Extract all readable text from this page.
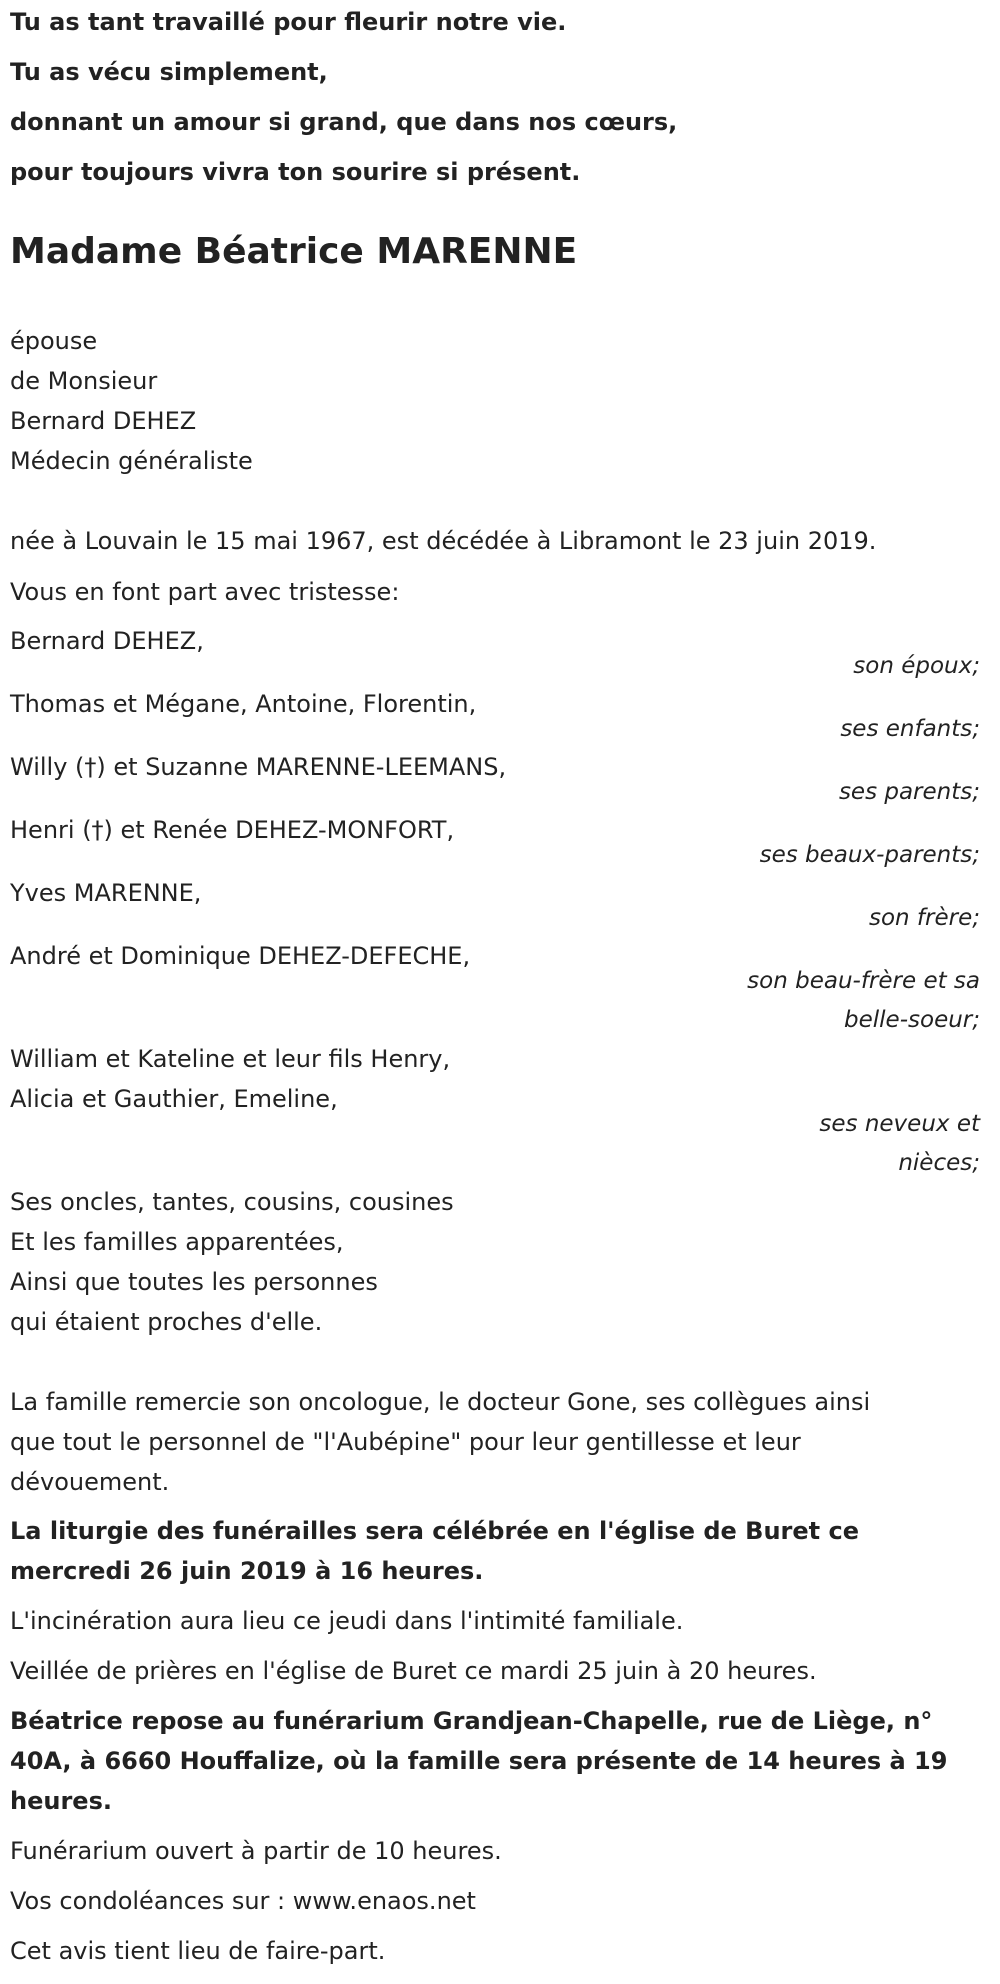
Tu as tant travaillé pour fleurir notre vie.
Tu as vécu simplement,
donnant un amour si grand, que dans nos cœurs,
pour toujours vivra ton sourire si présent.
Madame Béatrice MARENNE
épouse
de Monsieur
Bernard DEHEZ
Médecin généraliste
née à Louvain le 15 mai 1967, est décédée à Libramont le 23 juin 2019.
Vous en font part avec tristesse:
Bernard DEHEZ,
son époux;
Thomas et Mégane, Antoine, Florentin,
ses enfants;
Willy (†) et Suzanne MARENNE-LEEMANS,
ses parents;
Henri (†) et Renée DEHEZ-MONFORT,
ses beaux-parents;
Yves MARENNE,
son frère;
André et Dominique DEHEZ-DEFECHE,
son beau-frère et sa
belle-soeur;
William et Kateline et leur fils Henry,
Alicia et Gauthier, Emeline,
ses neveux et
nièces;
Ses oncles, tantes, cousins, cousines
Et les familles apparentées,
Ainsi que toutes les personnes
qui étaient proches d'elle.
La famille remercie son oncologue, le docteur Gone, ses collègues ainsi
que tout le personnel de "l'Aubépine" pour leur gentillesse et leur
dévouement.
La liturgie des funérailles sera célébrée en l'église de Buret ce
mercredi 26 juin 2019 à 16 heures.
L'incinération aura lieu ce jeudi dans l'intimité familiale.
Veillée de prières en l'église de Buret ce mardi 25 juin à 20 heures.
Béatrice repose au funérarium Grandjean-Chapelle, rue de Liège, n°
40A, à 6660 Houffalize, où la famille sera présente de 14 heures à 19
heures.
Funérarium ouvert à partir de 10 heures.
Vos condoléances sur : www.enaos.net
Cet avis tient lieu de faire-part.
